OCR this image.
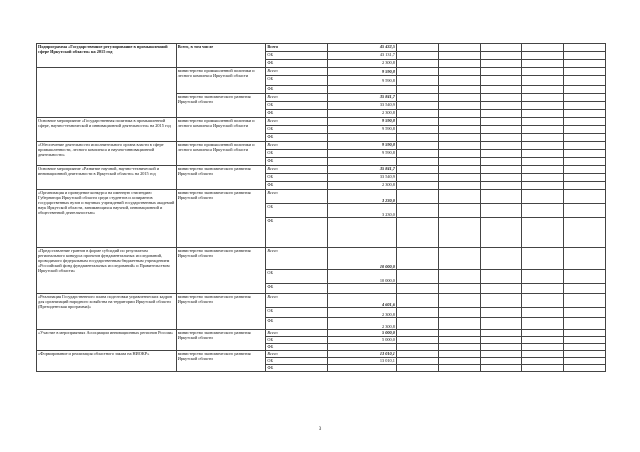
Подпрограмма «Государственное регулирование в промышленной сфере Иркутской области» на 2015 год	Всего, в том числе	Всего	45 432,5					
		ОБ	43 131,7					
		ФБ	2 300,8					
	министерство промышленной политики и лесного комплекса Иркутской области	Всего	9 590,8					
		ОБ	9 590,8					
		ФБ						
	министерство экономического развития Иркутской области	Всего	35 841,7					
		ОБ	33 540,9					
		ФБ	2 300,8					
Основное мероприятие «Государственная политика в промышленной сфере, научно-технической и инновационной деятельности» на 2015 год	министерство промышленной политики и лесного комплекса Иркутской области	Всего	9 590,8					
		ОБ	9 590,8					
		ФБ						
«Обеспечение деятельности исполнительного органа власти в сфере промышленности, лесного комплекса и научно-инновационной деятельности»	министерство промышленной политики и лесного комплекса Иркутской области	Всего	9 590,8					
		ОБ	9 590,8					
		ФБ						
Основное мероприятие «Развитие научной, научно-технической и инновационной деятельности в Иркутской области» на 2015 год	министерство экономического развития Иркутской области	Всего	35 841,7					
		ОБ	33 540,9					
		ФБ	2 300,8					
«Организация и проведение конкурса на именную стипендию Губернатора Иркутской области среди студентов и аспирантов государственных вузов и научных учреждений государственных академий наук Иркутской области, занимающихся научной, инновационной и общественной деятельностью»	министерство экономического развития Иркутской области	Всего	3 230,0					
		ОБ	3 230,0					
		ФБ						
«Предоставление грантов в форме субсидий по результатам регионального конкурса проектов фундаментальных исследований, проводимого федеральным государственным бюджетным учреждением «Российский фонд фундаментальных исследований» и Правительством Иркутской области»	министерство экономического развития Иркутской области	Всего	10 000,0					
		ОБ	10 000,0					
		ФБ						
«Реализация Государственного плана подготовки управленческих кадров для организаций народного хозяйства на территории Иркутской области (Президентская программа)»	министерство экономического развития Иркутской области	Всего	4 601,6					
		ОБ	2 300,8					
		ФБ	2 300,8					
«Участие в мероприятиях Ассоциации инновационных регионов России»	министерство экономического развития Иркутской области	Всего	5 000,0					
		ОБ	5 000,0					
		ФБ						
«Формирование и реализация областного заказа на НИОКР»	министерство экономического развития Иркутской области	Всего	13 010,1					
		ОБ	13 010,1					
		ФБ						
3
